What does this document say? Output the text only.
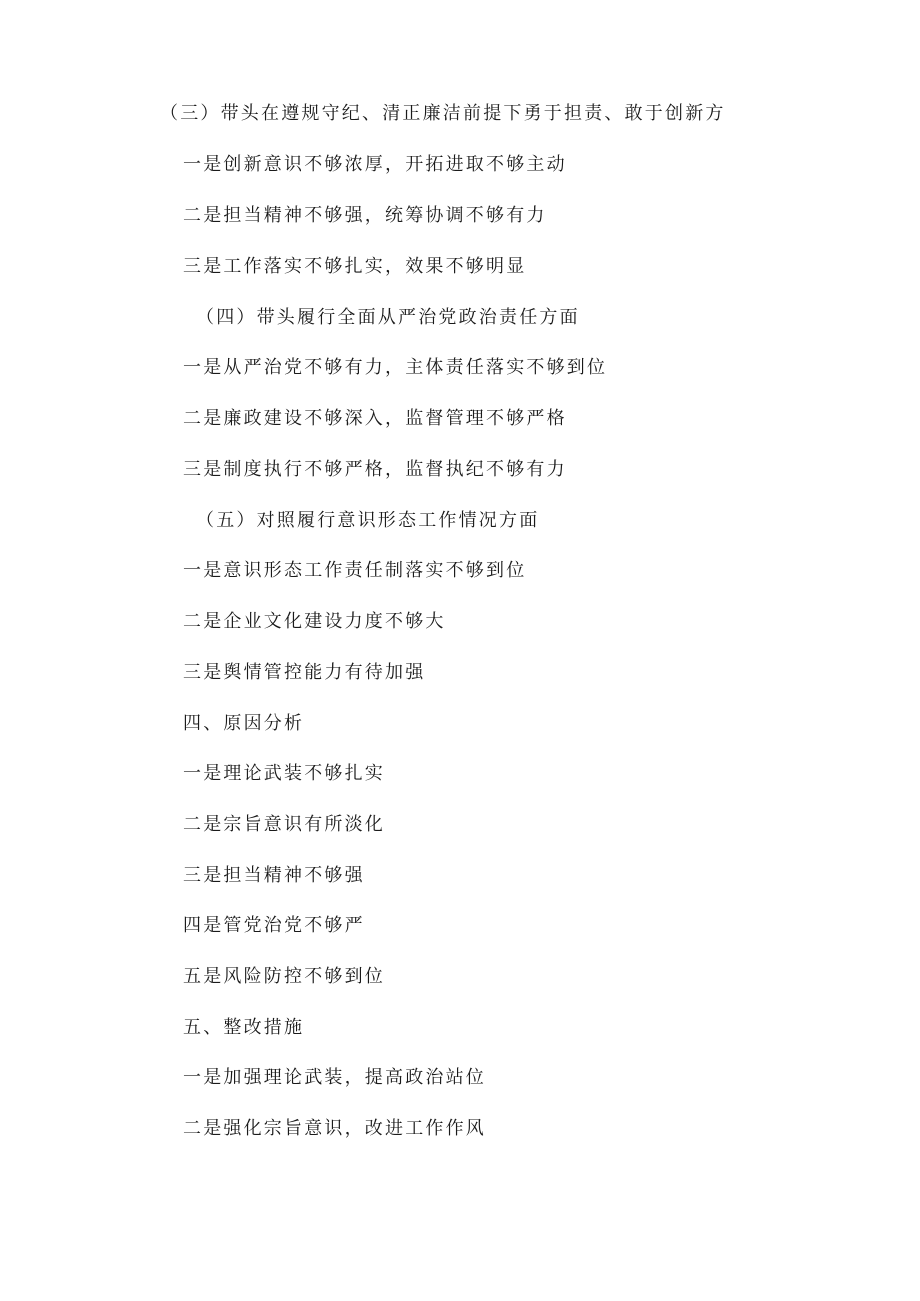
（三）带头在遵规守纪、清正廉洁前提下勇于担责、敢于创新方
一是创新意识不够浓厚，开拓进取不够主动
二是担当精神不够强，统筹协调不够有力
三是工作落实不够扎实，效果不够明显
（四）带头履行全面从严治党政治责任方面
一是从严治党不够有力，主体责任落实不够到位
二是廉政建设不够深入，监督管理不够严格
三是制度执行不够严格，监督执纪不够有力
（五）对照履行意识形态工作情况方面
一是意识形态工作责任制落实不够到位
二是企业文化建设力度不够大
三是舆情管控能力有待加强
四、原因分析
一是理论武装不够扎实
二是宗旨意识有所淡化
三是担当精神不够强
四是管党治党不够严
五是风险防控不够到位
五、整改措施
一是加强理论武装，提高政治站位
二是强化宗旨意识，改进工作作风
